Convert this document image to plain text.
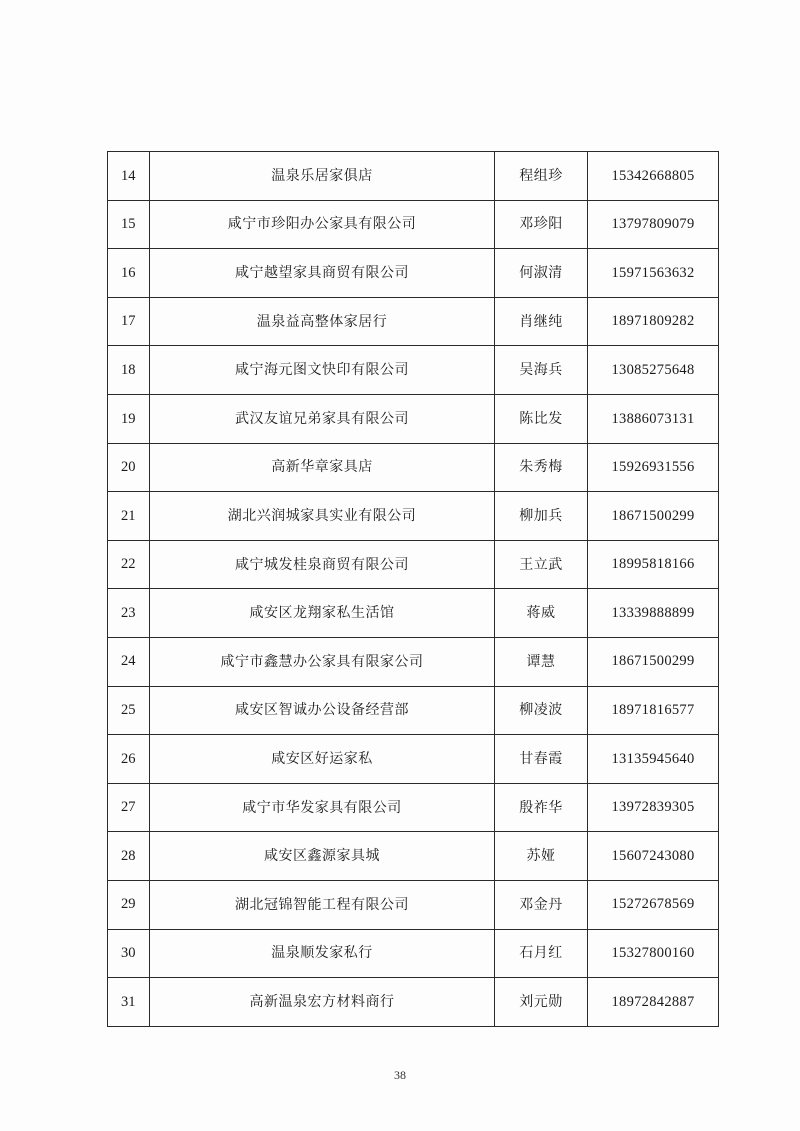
14	温泉乐居家俱店	程组珍	15342668805
15	咸宁市珍阳办公家具有限公司	邓珍阳	13797809079
16	咸宁越望家具商贸有限公司	何淑清	15971563632
17	温泉益高整体家居行	肖继纯	18971809282
18	咸宁海元图文快印有限公司	吴海兵	13085275648
19	武汉友谊兄弟家具有限公司	陈比发	13886073131
20	高新华章家具店	朱秀梅	15926931556
21	湖北兴润城家具实业有限公司	柳加兵	18671500299
22	咸宁城发桂泉商贸有限公司	王立武	18995818166
23	咸安区龙翔家私生活馆	蒋威	13339888899
24	咸宁市鑫慧办公家具有限家公司	谭慧	18671500299
25	咸安区智诚办公设备经营部	柳凌波	18971816577
26	咸安区好运家私	甘春霞	13135945640
27	咸宁市华发家具有限公司	殷祚华	13972839305
28	咸安区鑫源家具城	苏娅	15607243080
29	湖北冠锦智能工程有限公司	邓金丹	15272678569
30	温泉顺发家私行	石月红	15327800160
31	高新温泉宏方材料商行	刘元勋	18972842887
38
